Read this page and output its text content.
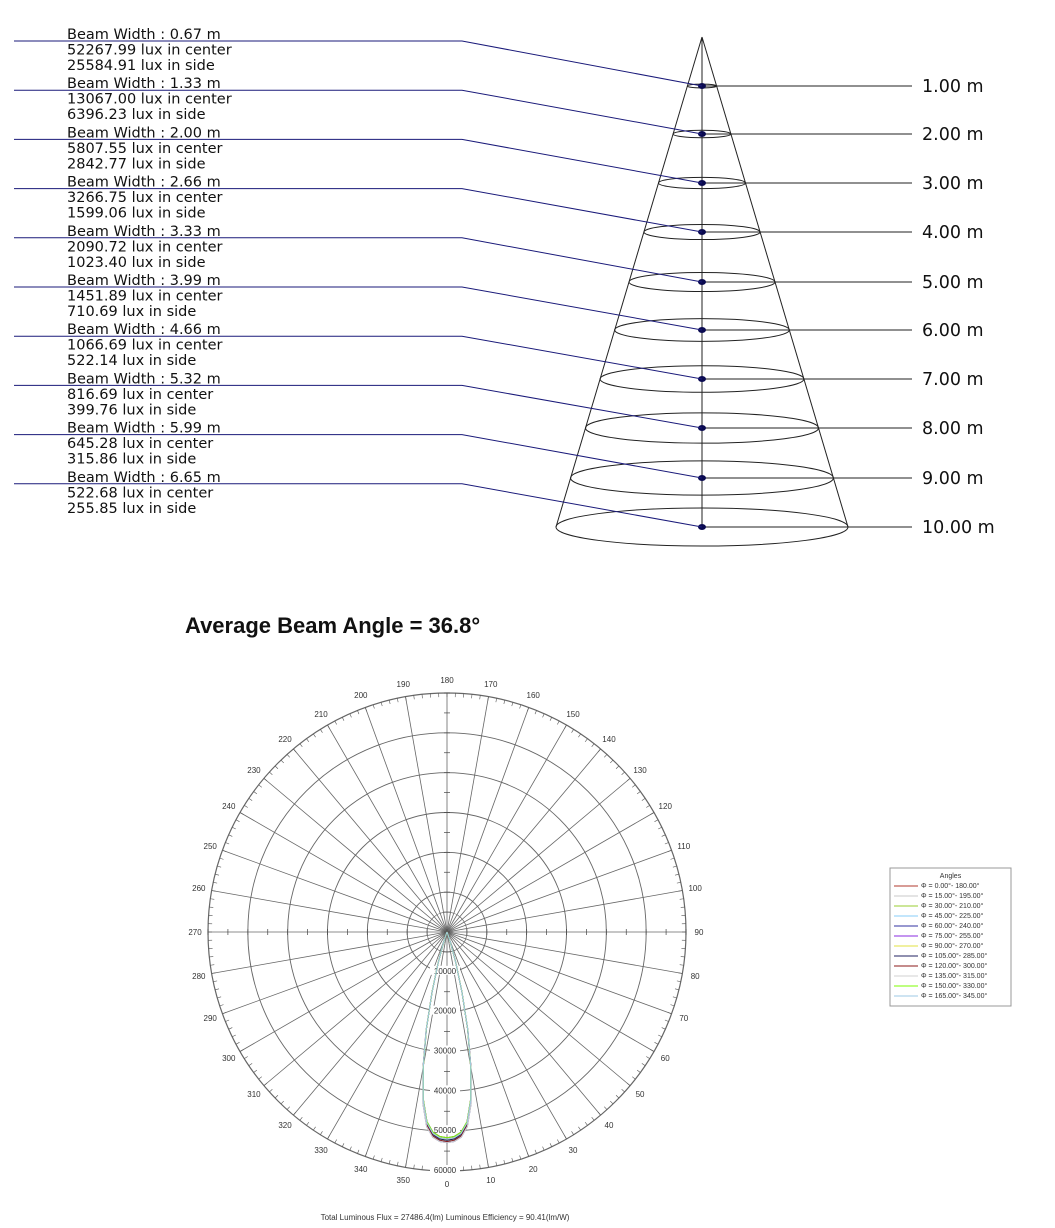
1.00 m
2.00 m
3.00 m
4.00 m
5.00 m
6.00 m
7.00 m
8.00 m
9.00 m
10.00 m
Beam Width : 0.67 m
52267.99 lux in center
25584.91 lux in side
Beam Width : 1.33 m
13067.00 lux in center
6396.23 lux in side
Beam Width : 2.00 m
5807.55 lux in center
2842.77 lux in side
Beam Width : 2.66 m
3266.75 lux in center
1599.06 lux in side
Beam Width : 3.33 m
2090.72 lux in center
1023.40 lux in side
Beam Width : 3.99 m
1451.89 lux in center
710.69 lux in side
Beam Width : 4.66 m
1066.69 lux in center
522.14 lux in side
Beam Width : 5.32 m
816.69 lux in center
399.76 lux in side
Beam Width : 5.99 m
645.28 lux in center
315.86 lux in side
Beam Width : 6.65 m
522.68 lux in center
255.85 lux in side
Average Beam Angle = 36.8°
0	10
20
30
40
50
60
70
80
90
100
110
120
130
140
150
160
170
180
190
200
210
220
230
240
250
260
270
280
290
300
310
320
330
340
350
10000
20000
30000
40000
50000
60000
Angles
Φ = 0.00°- 180.00°
Φ = 15.00°- 195.00°
Φ = 30.00°- 210.00°
Φ = 45.00°- 225.00°
Φ = 60.00°- 240.00°
Φ = 75.00°- 255.00°
Φ = 90.00°- 270.00°
Φ = 105.00°- 285.00°
Φ = 120.00°- 300.00°
Φ = 135.00°- 315.00°
Φ = 150.00°- 330.00°
Φ = 165.00°- 345.00°
Total Luminous Flux = 27486.4(lm) Luminous Efficiency = 90.41(lm/W)
